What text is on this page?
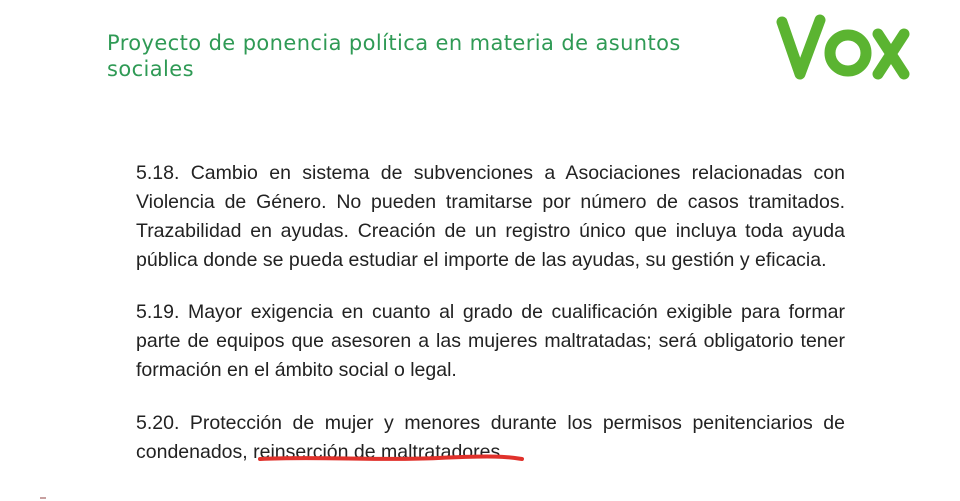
Proyecto de ponencia política en materia de asuntos sociales
5.18. Cambio en sistema de subvenciones a Asociaciones relacionadas con Violencia de Género. No pueden tramitarse por número de casos tramitados. Trazabilidad en ayudas. Creación de un registro único que incluya toda ayuda pública donde se pueda estudiar el importe de las ayudas, su gestión y eficacia.
5.19. Mayor exigencia en cuanto al grado de cualificación exigible para formar parte de equipos que asesoren a las mujeres maltratadas; será obligatorio tener formación en el ámbito social o legal.
5.20. Protección de mujer y menores durante los permisos penitenciarios de condenados, reinserción de maltratadores.
